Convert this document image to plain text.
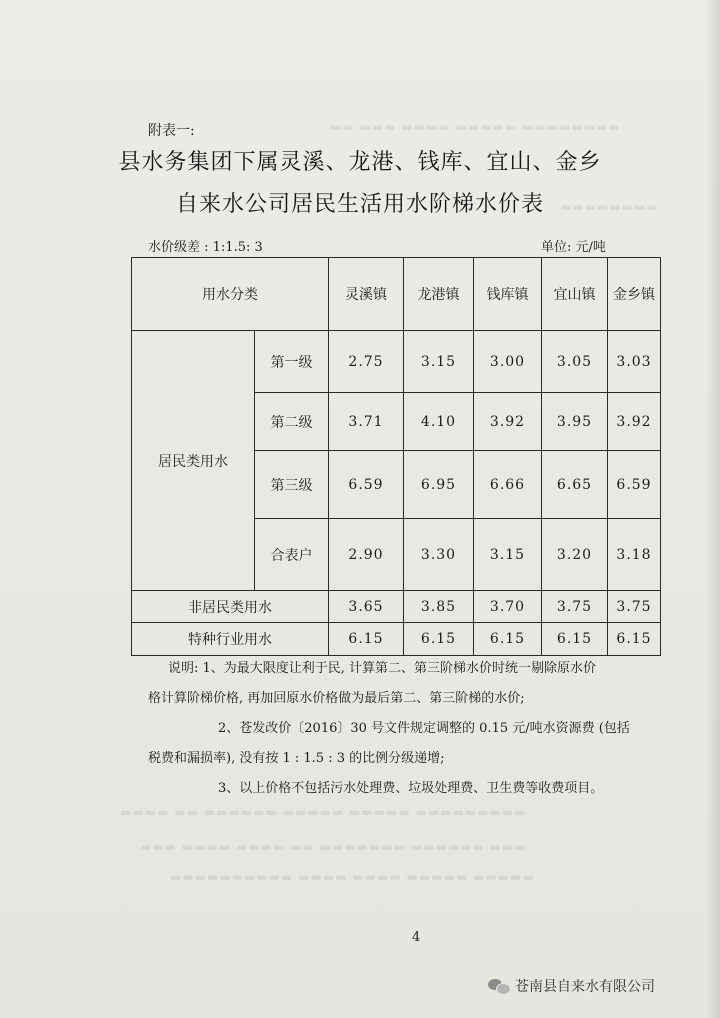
▬▬ ▬▬▬ ▬▬▬▬ ▬▬▬▬▬ ▬▬▬▬▬▬▬▬
▬▬▬▬▬▬▬▬
▬▬▬▬ ▬▬ ▬▬▬▬▬▬ ▬▬▬▬▬ ▬▬▬▬▬ ▬▬▬▬▬▬▬▬▬
▬▬▬ ▬▬▬▬ ▬▬▬▬ ▬▬ ▬▬▬▬▬▬▬ ▬▬▬▬▬▬ ▬▬▬
▬▬▬▬▬▬▬▬▬▬ ▬▬▬▬ ▬▬▬▬ ▬▬▬▬▬ ▬▬▬▬▬
附表一:
县水务集团下属灵溪、龙港、钱库、宜山、金乡
自来水公司居民生活用水阶梯水价表
水价级差 : 1:1.5: 3	单位: 元/吨
用水分类		灵溪镇	龙港镇	钱库镇	宜山镇	金乡镇
居民类用水	第一级	2.75	3.15	3.00	3.05	3.03
	第二级	3.71	4.10	3.92	3.95	3.92
	第三级	6.59	6.95	6.66	6.65	6.59
	合表户	2.90	3.30	3.15	3.20	3.18
非居民类用水		3.65	3.85	3.70	3.75	3.75
特种行业用水		6.15	6.15	6.15	6.15	6.15

说明: 1、为最大限度让利于民, 计算第二、第三阶梯水价时统一剔除原水价

格计算阶梯价格, 再加回原水价格做为最后第二、第三阶梯的水价;

2、苍发改价〔2016〕30 号文件规定调整的 0.15 元/吨水资源费 (包括

税费和漏损率), 没有按 1 : 1.5 : 3 的比例分级递增;

3、以上价格不包括污水处理费、垃圾处理费、卫生费等收费项目。

4
苍南县自来水有限公司
